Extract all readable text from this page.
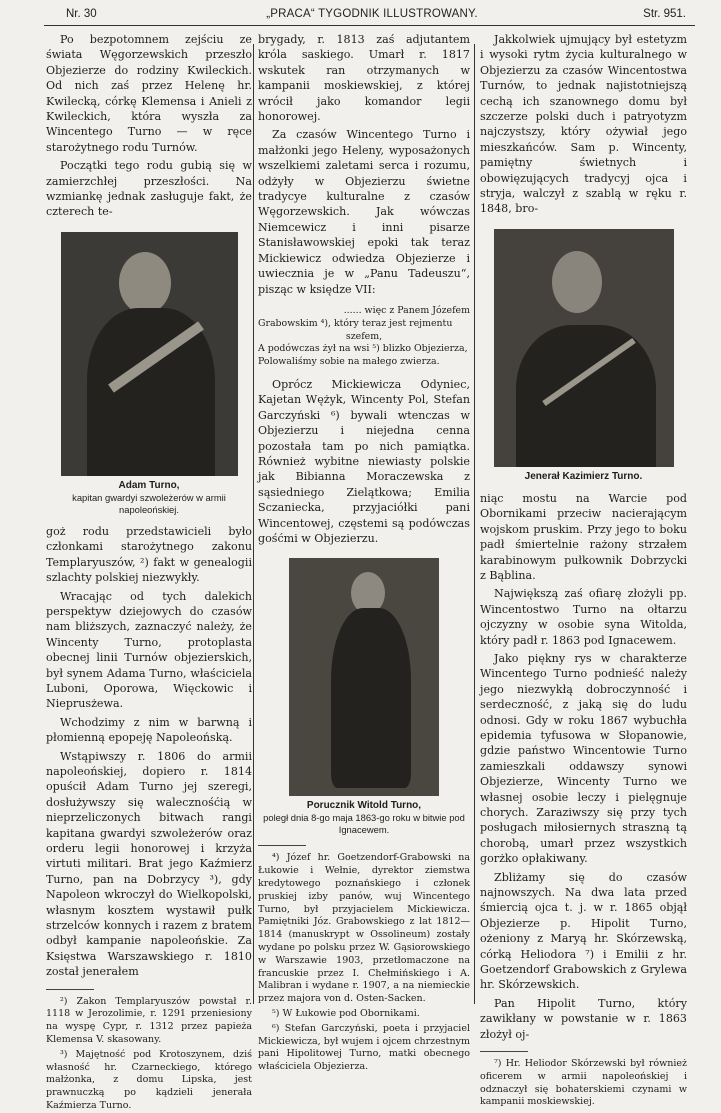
Nr. 30	„PRACA“ TYGODNIK ILLUSTROWANY.	Str. 951.

Po bezpotomnem zejściu ze świata Węgorzewskich przeszło Objezierze do rodziny Kwileckich. Od nich zaś przez Helenę hr. Kwilecką, córkę Klemensa i Anieli z Kwileckich, która wyszła za Wincentego Turno — w ręce starożytnego rodu Turnów.

Początki tego rodu gubią się w zamierzchłej przeszłości. Na wzmiankę jednak zasługuje fakt, że czterech te-

Adam Turno,
kapitan gwardyi szwoleżerów w armii napoleońskiej.

goż rodu przedstawicieli było członkami starożytnego zakonu Templaryuszów, ²) fakt w genealogii szlachty polskiej niezwykły.

Wracając od tych dalekich perspektyw dziejowych do czasów nam bliższych, zaznaczyć należy, że Wincenty Turno, protoplasta obecnej linii Turnów objezierskich, był synem Adama Turno, właściciela Luboni, Oporowa, Więckowic i Nieprusżewa.

Wchodzimy z nim w barwną i płomienną epopeję Napoleońską.

Wstąpiwszy r. 1806 do armii napoleońskiej, dopiero r. 1814 opuścił Adam Turno jej szeregi, dosłużywszy się walecznośćią w nieprzeliczonych bitwach rangi kapitana gwardyi szwoleżerów oraz orderu legii honorowej i krzyża virtuti militari. Brat jego Kaźmierz Turno, pan na Dobrzycy ³), gdy Napoleon wkroczył do Wielkopolski, własnym kosztem wystawił pułk strzelców konnych i razem z bratem odbył kampanie napoleońskie. Za Księstwa Warszawskiego r. 1810 został jenerałem

²) Zakon Templaryuszów powstał r. 1118 w Jerozolimie, r. 1291 przeniesiony na wyspę Cypr, r. 1312 przez papieża Klemensa V. skasowany.

³) Majętność pod Krotoszynem, dziś własność hr. Czarneckiego, którego małżonka, z domu Lipska, jest prawnuczką po kądzieli jenerała Kaźmierza Turno.

brygady, r. 1813 zaś adjutantem króla saskiego. Umarł r. 1817 wskutek ran otrzymanych w kampanii moskiewskiej, z której wrócił jako komandor legii honorowej.

Za czasów Wincentego Turno i małżonki jego Heleny, wyposażonych wszelkiemi zaletami serca i rozumu, odżyły w Objezierzu świetne tradycye kulturalne z czasów Węgorzewskich. Jak wówczas Niemcewicz i inni pisarze Stanisławowskiej epoki tak teraz Mickiewicz odwiedza Objezierze i uwiecznia je w „Panu Tadeuszu“, pisząc w księdze VII:

...... więc z Panem Józefem
Grabowskim ⁴), który teraz jest rejmentu
szefem,
A podówczas żył na wsi ⁵) blizko Objezierza,
Polowaliśmy sobie na małego zwierza.

Oprócz Mickiewicza Odyniec, Kajetan Wężyk, Wincenty Pol, Stefan Garczyński ⁶) bywali wtenczas w Objezierzu i niejedna cenna pozostała tam po nich pamiątka. Również wybitne niewiasty polskie jak Bibianna Moraczewska z sąsiedniego Zielątkowa; Emilia Sczaniecka, przyjaciółki pani Wincentowej, częstemi są podówczas gośćmi w Objezierzu.

Porucznik Witold Turno,
poległ dnia 8-go maja 1863-go roku w bitwie pod Ignacewem.

⁴) Józef hr. Goetzendorf-Grabowski na Łukowie i Wełnie, dyrektor ziemstwa kredytowego poznańskiego i członek pruskiej izby panów, wuj Wincentego Turno, był przyjacielem Mickiewicza. Pamiętniki Józ. Grabowskiego z lat 1812—1814 (manuskrypt w Ossolineum) zostały wydane po polsku przez W. Gąsiorowskiego w Warszawie 1903, przetłomaczone na francuskie przez I. Chełmińskiego i A. Malibran i wydane r. 1907, a na niemieckie przez majora von d. Osten-Sacken.

⁵) W Łukowie pod Obornikami.

⁶) Stefan Garczyński, poeta i przyjaciel Mickiewicza, był wujem i ojcem chrzestnym pani Hipolitowej Turno, matki obecnego właściciela Objezierza.

Jakkolwiek ujmujący był estetyzm i wysoki rytm życia kulturalnego w Objezierzu za czasów Wincentostwa Turnów, to jednak najistotniejszą cechą ich szanownego domu był szczerze polski duch i patryotyzm najczystszy, który ożywiał jego mieszkańców. Sam p. Wincenty, pamiętny świetnych i obowięzujących tradycyj ojca i stryja, walczył z szablą w ręku r. 1848, bro-

Jenerał Kazimierz Turno.

niąc mostu na Warcie pod Obornikami przeciw nacierającym wojskom pruskim. Przy jego to boku padł śmiertelnie rażony strzałem karabinowym pułkownik Dobrzycki z Bąblina.

Największą zaś ofiarę złożyli pp. Wincentostwo Turno na ołtarzu ojczyzny w osobie syna Witolda, który padł r. 1863 pod Ignacewem.

Jako piękny rys w charakterze Wincentego Turno podnieść należy jego niezwykłą dobroczynność i serdeczność, z jaką się do ludu odnosi. Gdy w roku 1867 wybuchła epidemia tyfusowa w Słopanowie, gdzie państwo Wincentowie Turno zamieszkali oddawszy synowi Objezierze, Wincenty Turno we własnej osobie leczy i pielęgnuje chorych. Zaraziwszy się przy tych posługach miłosiernych straszną tą chorobą, umarł przez wszystkich gorżko opłakiwany.

Zbliżamy się do czasów najnowszych. Na dwa lata przed śmiercią ojca t. j. w r. 1865 objął Objezierze p. Hipolit Turno, ożeniony z Maryą hr. Skórzewską, córką Heliodora ⁷) i Emilii z hr. Goetzendorf Grabowskich z Grylewa hr. Skórzewskich.

Pan Hipolit Turno, który zawikłany w powstanie w r. 1863 złożył oj-

⁷) Hr. Heliodor Skórzewski był również oficerem w armii napoleońskiej i odznaczył się bohaterskiemi czynami w kampanii moskiewskiej.
